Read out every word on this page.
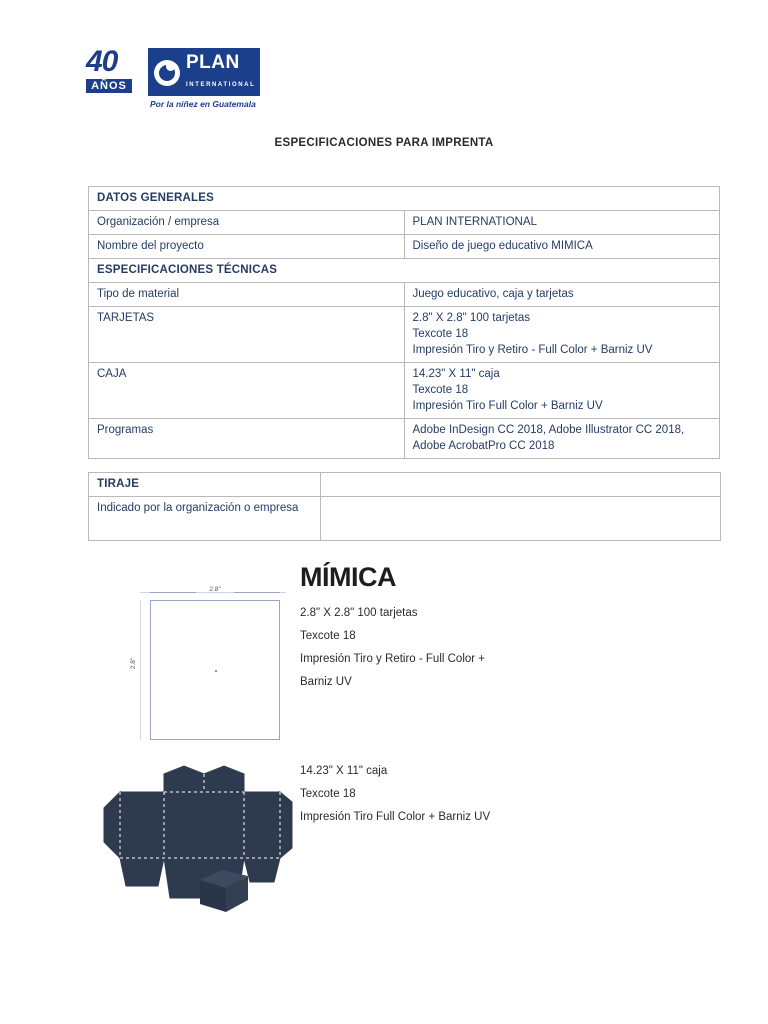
40
AÑOS
PLAN INTERNATIONAL
Por la niñez en Guatemala
ESPECIFICACIONES PARA IMPRENTA
DATOS GENERALES	
Organización / empresa	PLAN INTERNATIONAL
Nombre del proyecto	Diseño de juego educativo MIMICA
ESPECIFICACIONES TÉCNICAS	
Tipo de material	Juego educativo, caja y tarjetas

TARJETAS	2.8" X 2.8" 100 tarjetas
Texcote 18
Impresión Tiro y Retiro - Full Color + Barniz UV

CAJA	14.23" X 11" caja
Texcote 18
Impresión Tiro Full Color + Barniz UV

Programas	Adobe InDesign CC 2018, Adobe Illustrator CC 2018,
Adobe AcrobatPro CC 2018
TIRAJE	
Indicado por la organización o empresa	
MÍMICA
2.8"
2.8"
2.8" X 2.8" 100 tarjetas
Texcote 18
Impresión Tiro y Retiro - Full Color +
Barniz UV
14.23" X 11" caja
Texcote 18
Impresión Tiro Full Color + Barniz UV
